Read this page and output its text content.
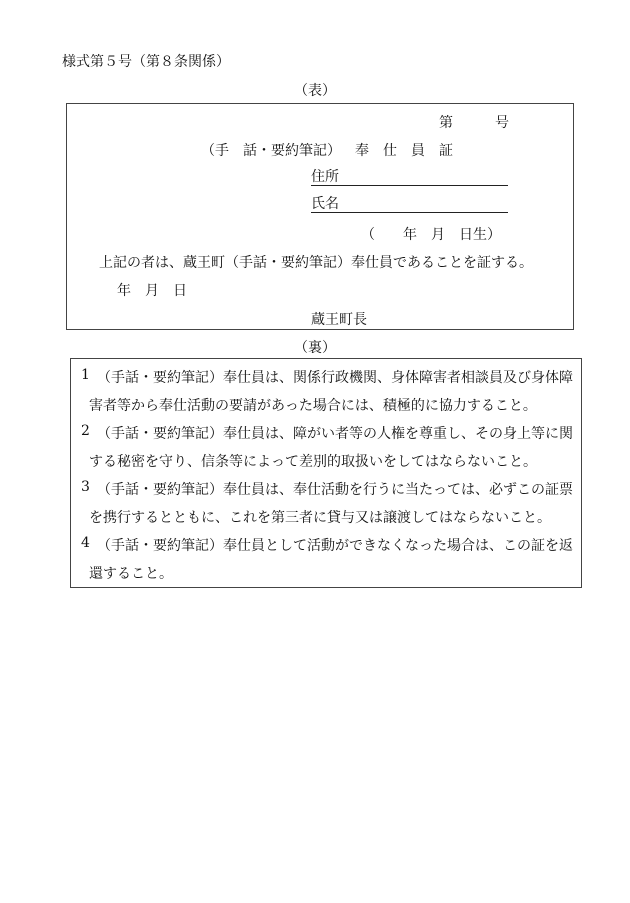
様式第５号（第８条関係）
（表）
第	号
（手　話・要約筆記） 奉　仕　員　証
住所
氏名
（　　年　月　日生）
上記の者は、蔵王町（手話・要約筆記）奉仕員であることを証する。
年　月　日
蔵王町長
（裏）
1 （手話・要約筆記）奉仕員は、関係行政機関、身体障害者相談員及び身体障
害者等から奉仕活動の要請があった場合には、積極的に協力すること。
2 （手話・要約筆記）奉仕員は、障がい者等の人権を尊重し、その身上等に関
する秘密を守り、信条等によって差別的取扱いをしてはならないこと。
3 （手話・要約筆記）奉仕員は、奉仕活動を行うに当たっては、必ずこの証票
を携行するとともに、これを第三者に貸与又は譲渡してはならないこと。
4 （手話・要約筆記）奉仕員として活動ができなくなった場合は、この証を返
還すること。
